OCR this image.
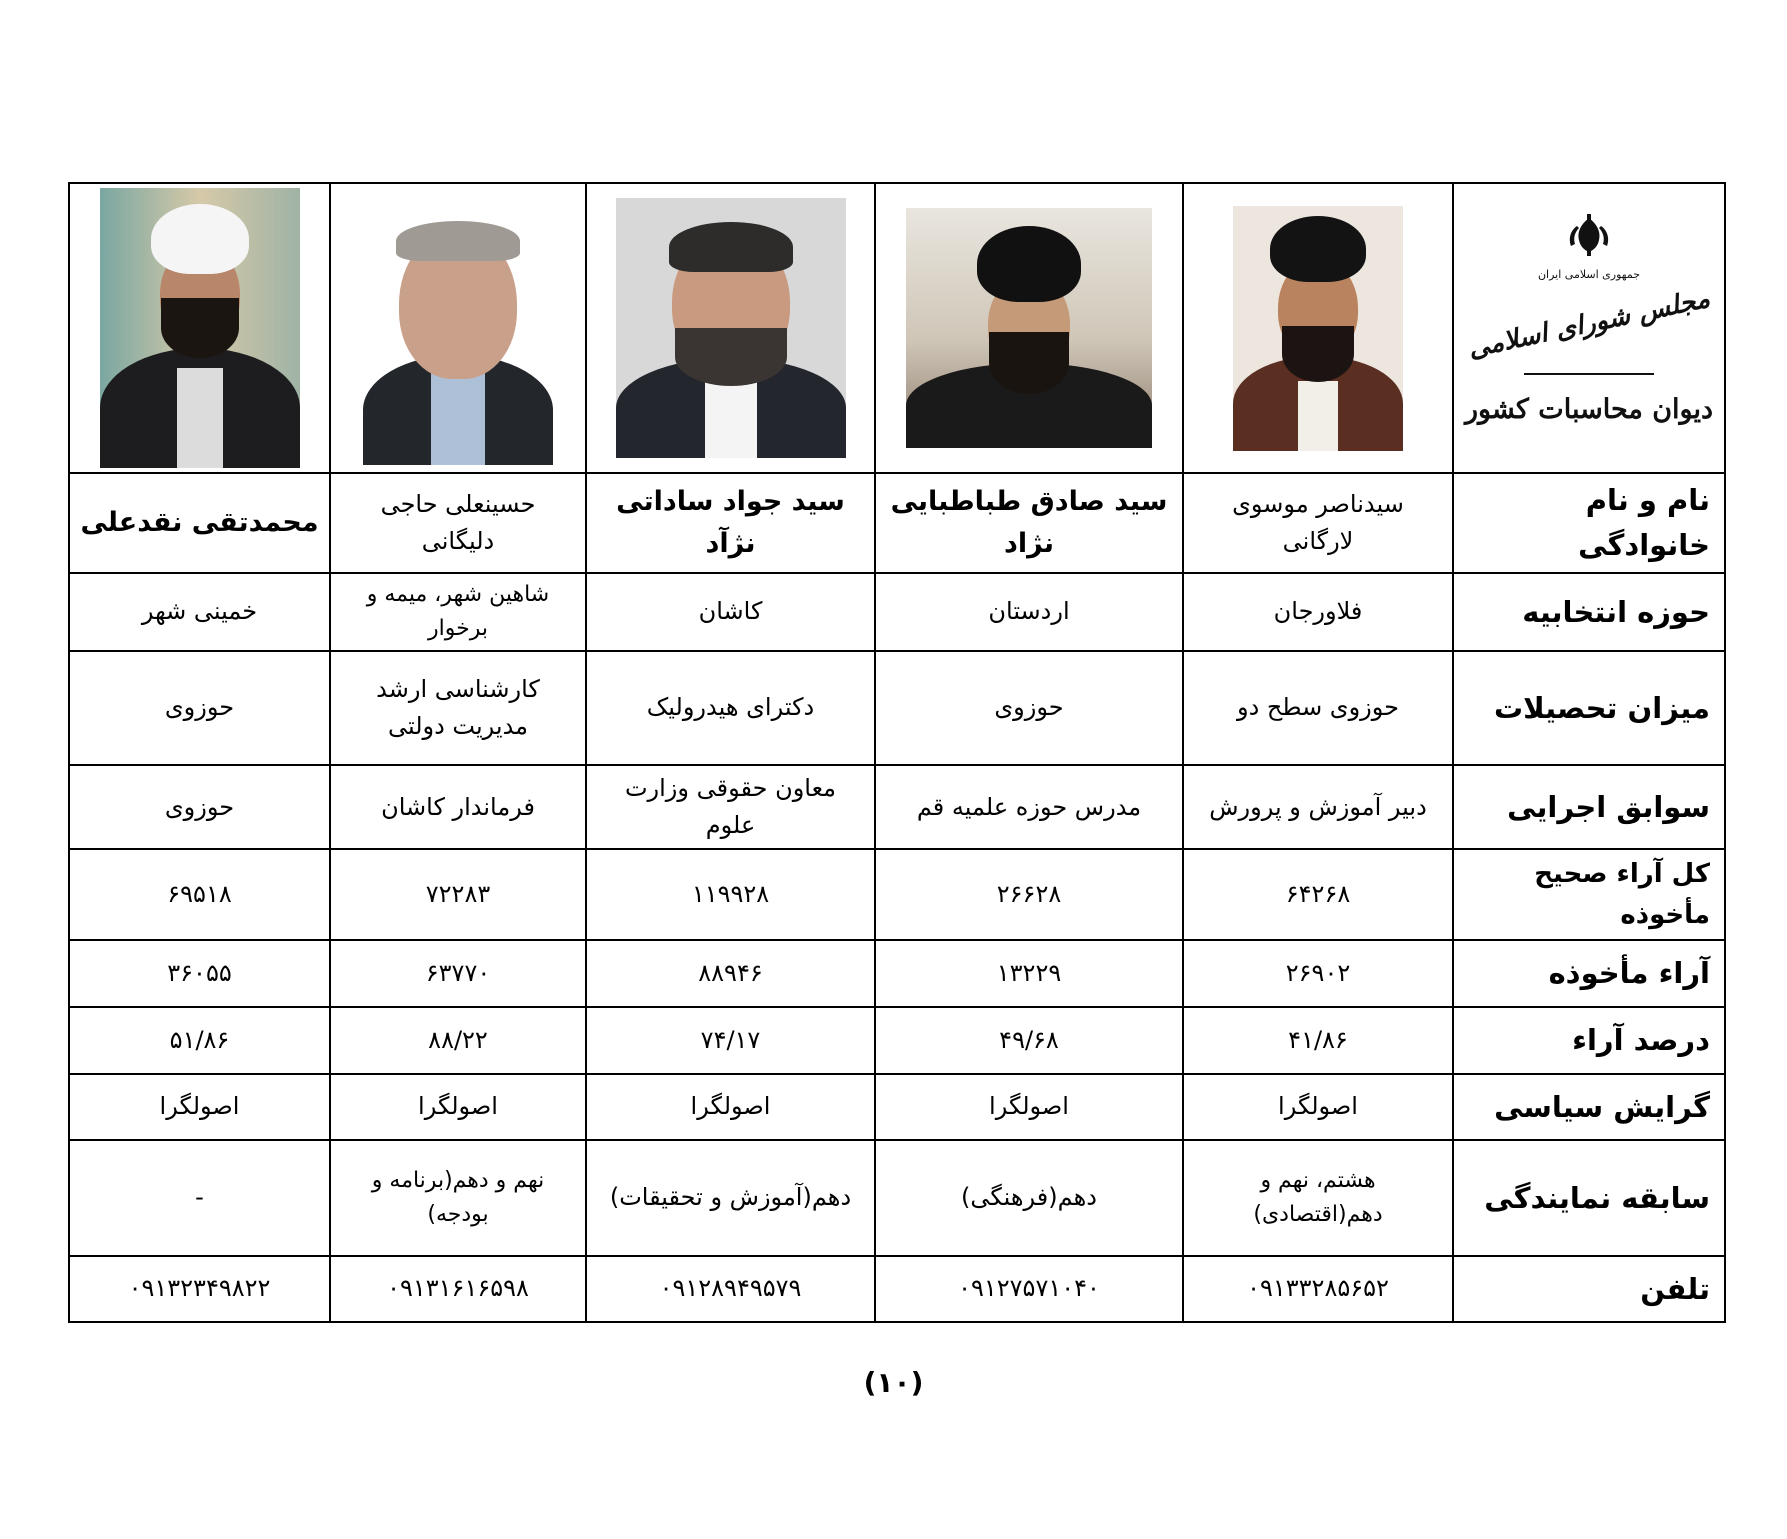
جمهوری اسلامی ایران
مجلس شورای اسلامی
دیوان محاسبات کشور					

نام و نام خانوادگی	سیدناصر موسوی لارگانی	سید صادق طباطبایی نژاد	سید جواد ساداتی نژآد	حسینعلی حاجی دلیگانی	محمدتقی نقدعلی
حوزه انتخابیه	فلاورجان	اردستان	کاشان	شاهین شهر، میمه و برخوار	خمینی شهر
میزان تحصیلات	حوزوی سطح دو	حوزوی	دکترای هیدرولیک	کارشناسی ارشد مدیریت دولتی	حوزوی
سوابق اجرایی	دبیر آموزش و پرورش	مدرس حوزه علمیه قم	معاون حقوقی وزارت علوم	فرماندار کاشان	حوزوی
کل آراء صحیح مأخوذه	۶۴۲۶۸	۲۶۶۲۸	۱۱۹۹۲۸	۷۲۲۸۳	۶۹۵۱۸
آراء مأخوذه	۲۶۹۰۲	۱۳۲۲۹	۸۸۹۴۶	۶۳۷۷۰	۳۶۰۵۵
درصد آراء	۴۱/۸۶	۴۹/۶۸	۷۴/۱۷	۸۸/۲۲	۵۱/۸۶
گرایش سیاسی	اصولگرا	اصولگرا	اصولگرا	اصولگرا	اصولگرا
سابقه نمایندگی	هشتم، نهم و دهم(اقتصادی)	دهم(فرهنگی)	دهم(آموزش و تحقیقات)	نهم و دهم(برنامه و بودجه)	-
تلفن	۰۹۱۳۳۲۸۵۶۵۲	۰۹۱۲۷۵۷۱۰۴۰	۰۹۱۲۸۹۴۹۵۷۹	۰۹۱۳۱۶۱۶۵۹۸	۰۹۱۳۲۳۴۹۸۲۲
(۱۰)
